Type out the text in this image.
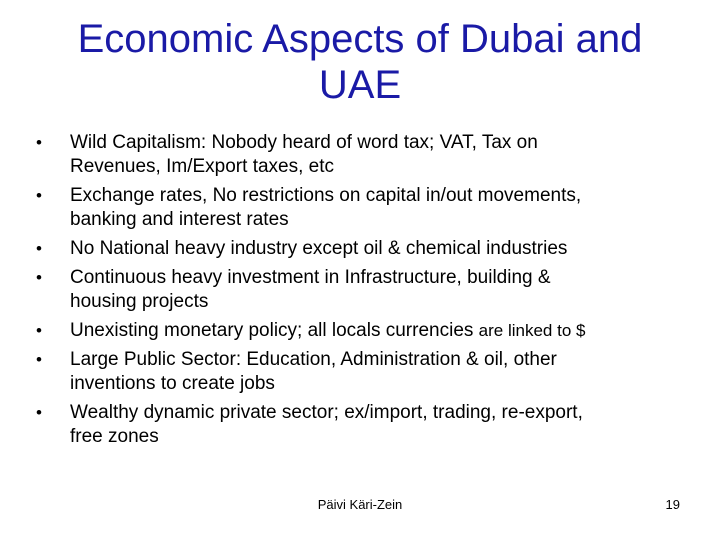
Economic Aspects of Dubai and
UAE
• Wild Capitalism: Nobody heard of word tax; VAT, Tax on
Revenues, Im/Export taxes, etc
• Exchange rates, No restrictions on capital in/out movements,
banking and interest rates
• No National heavy industry except oil & chemical industries
• Continuous heavy investment in Infrastructure, building &
housing projects
• Unexisting monetary policy; all locals currencies are linked to $
• Large Public Sector: Education, Administration & oil, other
inventions to create jobs
• Wealthy dynamic private sector; ex/import, trading, re-export,
free zones
Päivi Käri-Zein	19
